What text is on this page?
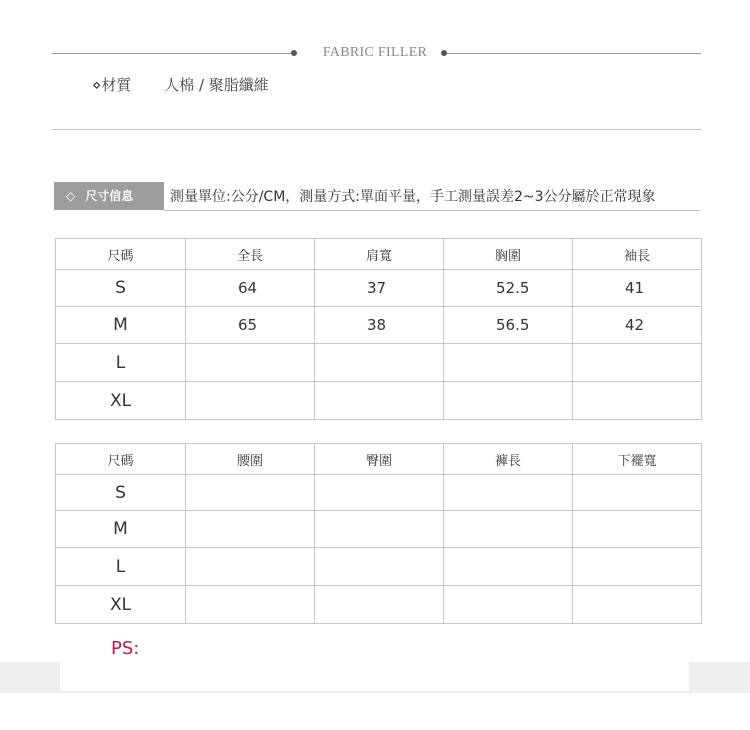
FABRIC FILLER
⋄材質 人棉 / 聚脂纖維
◇ 尺寸信息	測量單位:公分/CM，測量方式:單面平量，手工測量誤差2~3公分屬於正常現象
尺碼	全長	肩寬	胸圍	袖長
S	64	37	52.5	41
M	65	38	56.5	42
L				
XL				
尺碼	腰圍	臀圍	褲長	下襬寬
S				
M				
L				
XL				
PS:
